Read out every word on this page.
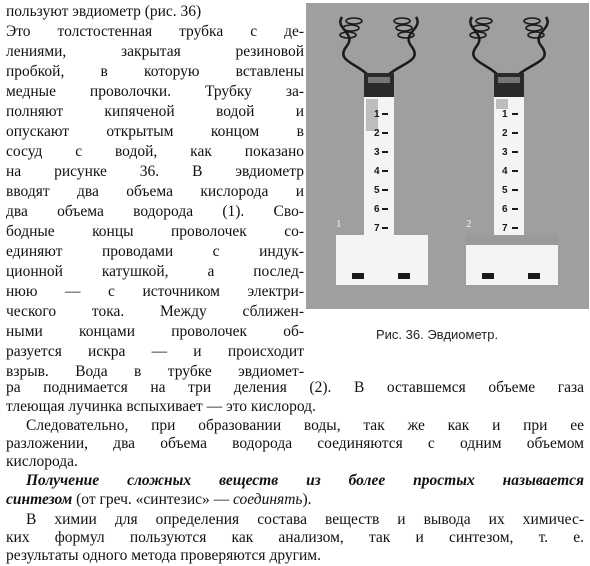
пользуют эвдиометр (рис. 36)
Это толстостенная трубка с де-
лениями, закрытая резиновой
пробкой, в которую вставлены
медные проволочки. Трубку за-
полняют кипяченой водой и
опускают открытым концом в
сосуд с водой, как показано
на рисунке 36. В эвдиометр
вводят два объема кислорода и
два объема водорода (1). Сво-
бодные концы проволочек со-
единяют проводами с индук-
ционной катушкой, а послед-
нюю — с источником электри-
ческого тока. Между сближен-
ными концами проволочек об-
разуется искра — и происходит
взрыв. Вода в трубке эвдиомет-
1
2
3
4
5
6
7
1
1
2
3
4
5
6
7
2
Рис. 36. Эвдиометр.
ра поднимается на три деления (2). В оставшемся объеме газа
тлеющая лучинка вспыхивает — это кислород.
Следовательно, при образовании воды, так же как и при ее
разложении, два объема водорода соединяются с одним объемом
кислорода.
Получение сложных веществ из более простых называется
синтезом (от греч. «синтезис» — соединять).
В химии для определения состава веществ и вывода их химичес-
ких формул пользуются как анализом, так и синтезом, т. е.
результаты одного метода проверяются другим.
